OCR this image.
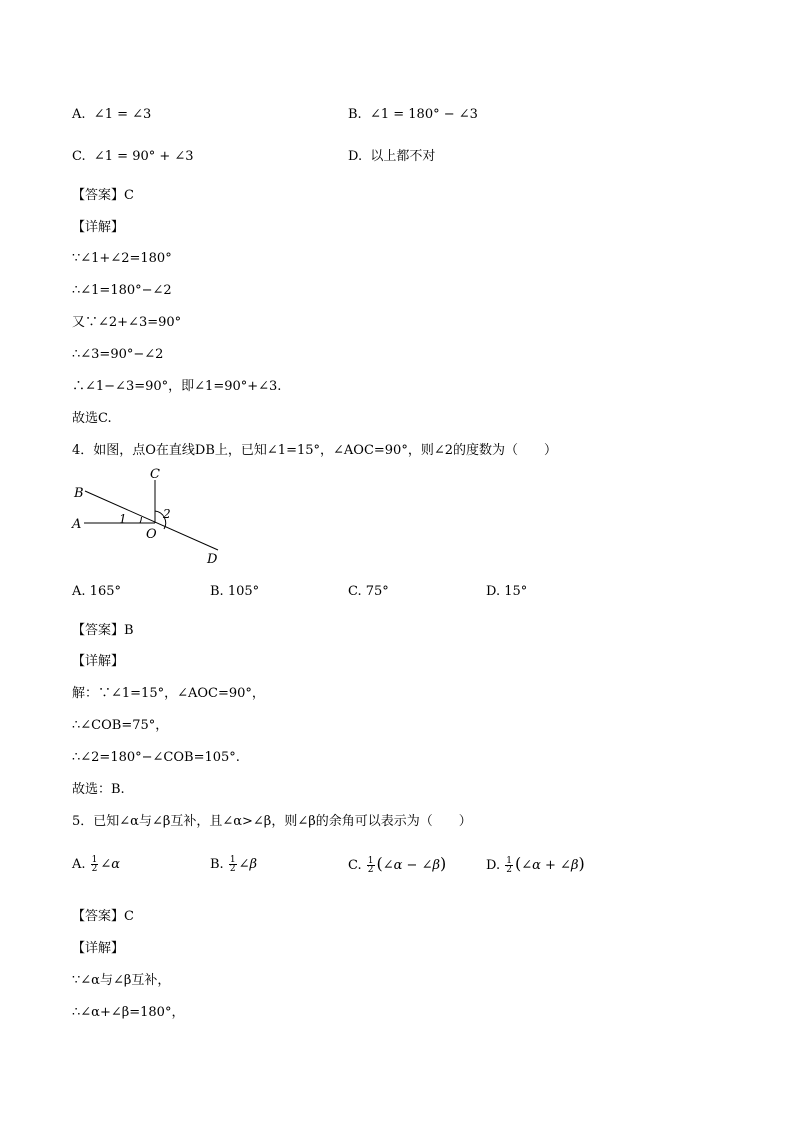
A. ∠1 = ∠3	B. ∠1 = 180° − ∠3
C. ∠1 = 90° + ∠3	D. 以上都不对
【答案】C
【详解】
∵∠1+∠2=180°
∴∠1=180°−∠2
又∵∠2+∠3=90°
∴∠3=90°−∠2
∴∠1−∠3=90°，即∠1=90°+∠3.
故选C.
4．如图，点O在直线DB上，已知∠1=15°，∠AOC=90°，则∠2的度数为（　　）
B
A
C
O
D
1	2
A. 165°	B. 105°	C. 75°	D. 15°
【答案】B
【详解】
解：∵∠1=15°，∠AOC=90°，
∴∠COB=75°，
∴∠2=180°−∠COB=105°.
故选：B.
5．已知∠α与∠β互补，且∠α>∠β，则∠β的余角可以表示为（　　）
A. $\frac{1}{2}$ ∠α	B. $\frac{1}{2}$ ∠β	C. $\frac{1}{2}$ (∠α − ∠β)	D. $\frac{1}{2}$ (∠α + ∠β)
【答案】C
【详解】
∵∠α与∠β互补，
∴∠α+∠β=180°，
